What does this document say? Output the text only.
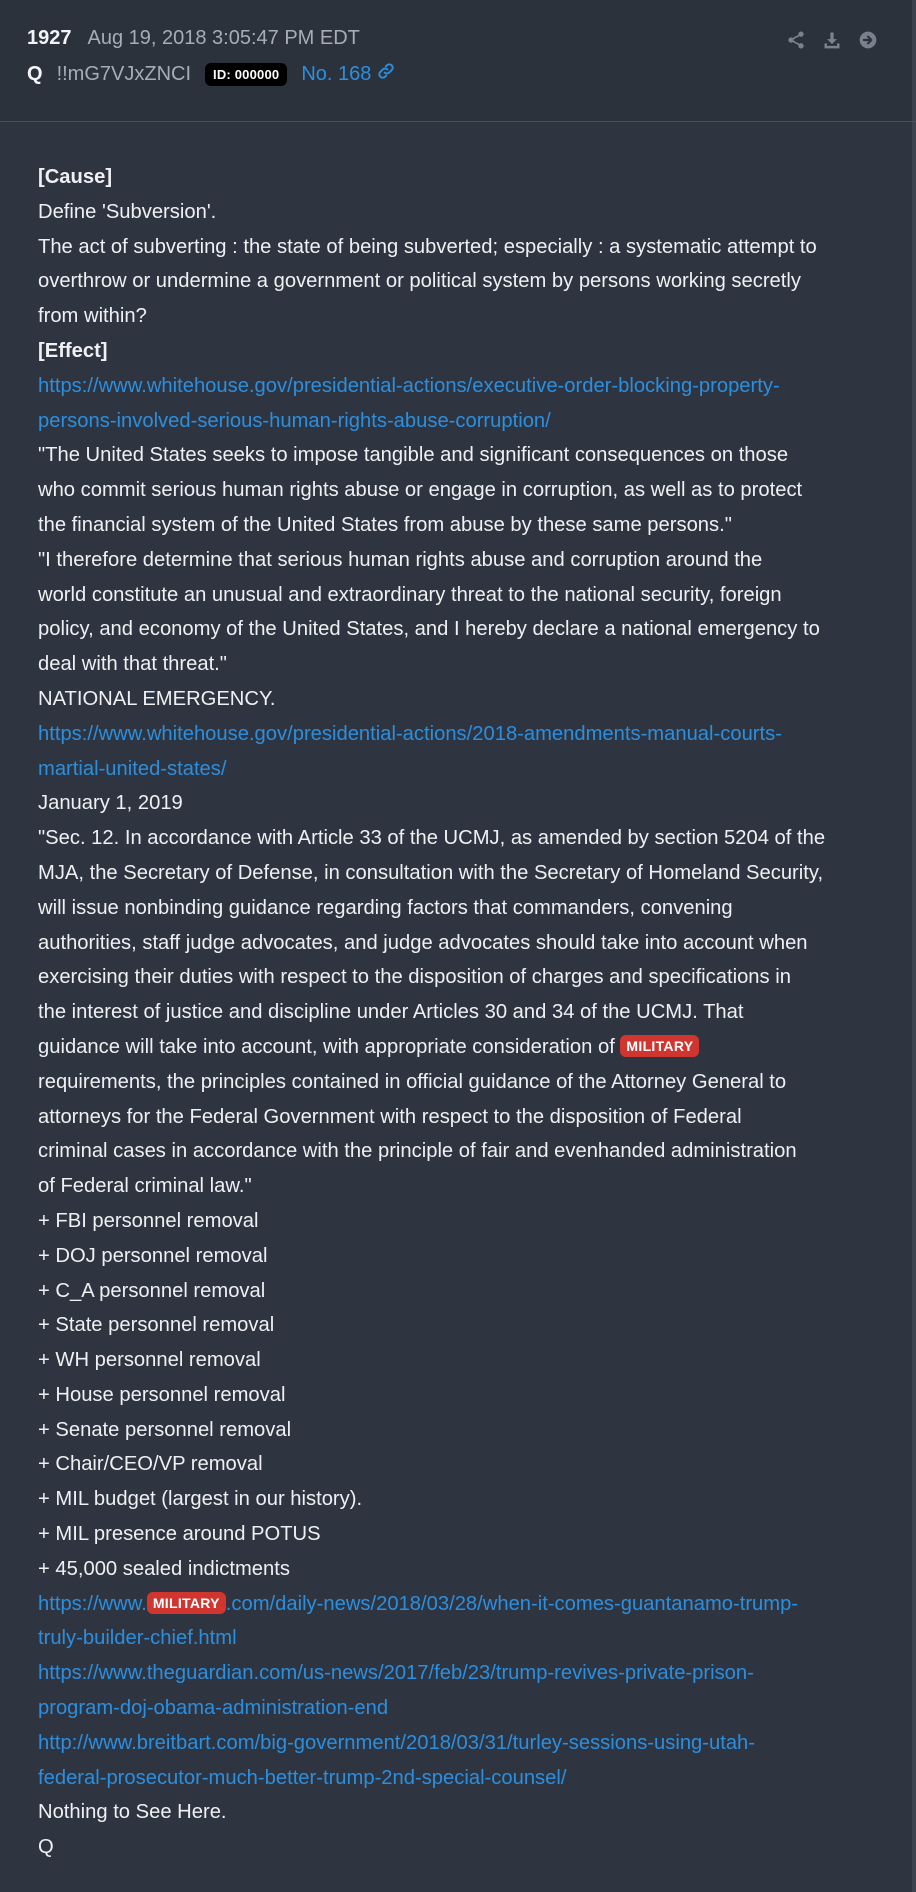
1927 Aug 19, 2018 3:05:47 PM EDT
Q !!mG7VJxZNCI	ID: 000000	No. 168
[Cause]
Define 'Subversion'.
The act of subverting : the state of being subverted; especially : a systematic attempt to
overthrow or undermine a government or political system by persons working secretly
from within?
[Effect]
https://www.whitehouse.gov/presidential-actions/executive-order-blocking-property-
persons-involved-serious-human-rights-abuse-corruption/
"The United States seeks to impose tangible and significant consequences on those
who commit serious human rights abuse or engage in corruption, as well as to protect
the financial system of the United States from abuse by these same persons."
"I therefore determine that serious human rights abuse and corruption around the
world constitute an unusual and extraordinary threat to the national security, foreign
policy, and economy of the United States, and I hereby declare a national emergency to
deal with that threat."
NATIONAL EMERGENCY.
https://www.whitehouse.gov/presidential-actions/2018-amendments-manual-courts-
martial-united-states/
January 1, 2019
"Sec. 12. In accordance with Article 33 of the UCMJ, as amended by section 5204 of the
MJA, the Secretary of Defense, in consultation with the Secretary of Homeland Security,
will issue nonbinding guidance regarding factors that commanders, convening
authorities, staff judge advocates, and judge advocates should take into account when
exercising their duties with respect to the disposition of charges and specifications in
the interest of justice and discipline under Articles 30 and 34 of the UCMJ. That
guidance will take into account, with appropriate consideration of MILITARY
requirements, the principles contained in official guidance of the Attorney General to
attorneys for the Federal Government with respect to the disposition of Federal
criminal cases in accordance with the principle of fair and evenhanded administration
of Federal criminal law."
+ FBI personnel removal
+ DOJ personnel removal
+ C_A personnel removal
+ State personnel removal
+ WH personnel removal
+ House personnel removal
+ Senate personnel removal
+ Chair/CEO/VP removal
+ MIL budget (largest in our history).
+ MIL presence around POTUS
+ 45,000 sealed indictments
https://www. MILITARY .com/daily-news/2018/03/28/when-it-comes-guantanamo-trump-
truly-builder-chief.html
https://www.theguardian.com/us-news/2017/feb/23/trump-revives-private-prison-
program-doj-obama-administration-end
http://www.breitbart.com/big-government/2018/03/31/turley-sessions-using-utah-
federal-prosecutor-much-better-trump-2nd-special-counsel/
Nothing to See Here.
Q
